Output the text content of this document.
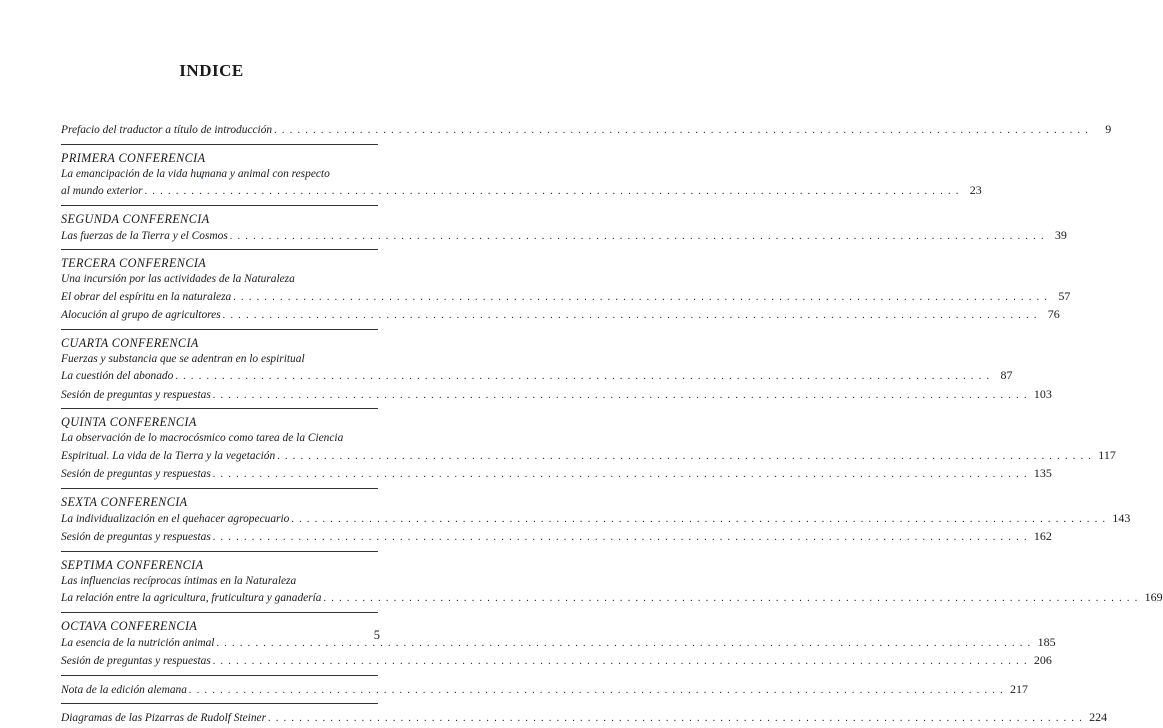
INDICE
Prefacio del traductor a título de introducción . . .	9
PRIMERA CONFERENCIA
La emancipación de la vida humana y animal con respecto
al mundo exterior . . .	23
SEGUNDA CONFERENCIA
Las fuerzas de la Tierra y el Cosmos . . .	39
TERCERA CONFERENCIA
Una incursión por las actividades de la Naturaleza
El obrar del espíritu en la naturaleza . . .	57
Alocución al grupo de agricultores . . .	76
CUARTA CONFERENCIA
Fuerzas y substancia que se adentran en lo espiritual
La cuestión del abonado . . .	87
Sesión de preguntas y respuestas . . .	103
QUINTA CONFERENCIA
La observación de lo macrocósmico como tarea de la Ciencia
Espiritual. La vida de la Tierra y la vegetación . . .	117
Sesión de preguntas y respuestas . . .	135
SEXTA CONFERENCIA
La individualización en el quehacer agropecuario . . .	143
Sesión de preguntas y respuestas . . .	162
SEPTIMA CONFERENCIA
Las influencias recíprocas íntimas en la Naturaleza
La relación entre la agricultura, fruticultura y ganadería . . .	169
OCTAVA CONFERENCIA
La esencia de la nutrición animal . . .	185
Sesión de preguntas y respuestas . . .	206
Nota de la edición alemana . . .	217
Diagramas de las Pizarras de Rudolf Steiner . . .	224
5
